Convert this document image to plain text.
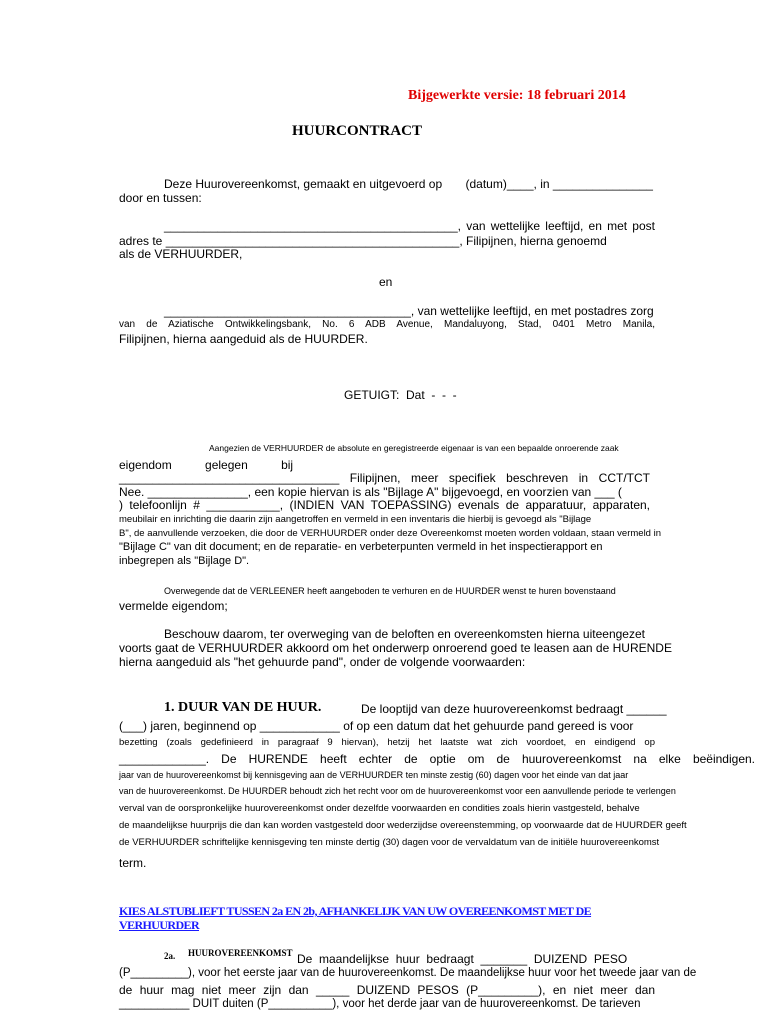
Bijgewerkte versie: 18 februari 2014
HUURCONTRACT
Deze Huurovereenkomst, gemaakt en uitgevoerd op       (datum)____, in _______________
door en tussen:
____________________________________________, van wettelijke leeftijd, en met post
adres te ____________________________________________, Filipijnen, hierna genoemd
als de VERHUURDER,
en
_____________________________________, van wettelijke leeftijd, en met postadres zorg
van de Aziatische Ontwikkelingsbank, No. 6 ADB Avenue, Mandaluyong, Stad, 0401 Metro Manila,
Filipijnen, hierna aangeduid als de HUURDER.
GETUIGT:  Dat  -  -  -
Aangezien de VERHUURDER de absolute en geregistreerde eigenaar is van een bepaalde onroerende zaak
eigendom          gelegen          bij
_________________________________ Filipijnen, meer specifiek beschreven in CCT/TCT
Nee. _______________, een kopie hiervan is als "Bijlage A" bijgevoegd, en voorzien van ___ (
) telefoonlijn # ___________, (INDIEN VAN TOEPASSING) evenals de apparatuur, apparaten,
meubilair en inrichting die daarin zijn aangetroffen en vermeld in een inventaris die hierbij is gevoegd als "Bijlage
B", de aanvullende verzoeken, die door de VERHUURDER onder deze Overeenkomst moeten worden voldaan, staan vermeld in
"Bijlage C" van dit document; en de reparatie- en verbeterpunten vermeld in het inspectierapport en
inbegrepen als "Bijlage D".
Overwegende dat de VERLEENER heeft aangeboden te verhuren en de HUURDER wenst te huren bovenstaand
vermelde eigendom;
Beschouw daarom, ter overweging van de beloften en overeenkomsten hierna uiteengezet
voorts gaat de VERHUURDER akkoord om het onderwerp onroerend goed te leasen aan de HURENDE
hierna aangeduid als "het gehuurde pand", onder de volgende voorwaarden:
1. DUUR VAN DE HUUR.	De looptijd van deze huurovereenkomst bedraagt ______
(___) jaren, beginnend op ____________ of op een datum dat het gehuurde pand gereed is voor
bezetting (zoals gedefinieerd in paragraaf 9 hiervan), hetzij het laatste wat zich voordoet, en eindigend op
_____________. De HURENDE heeft echter de optie om de huurovereenkomst na elke beëindigen.
jaar van de huurovereenkomst bij kennisgeving aan de VERHUURDER ten minste zestig (60) dagen voor het einde van dat jaar
van de huurovereenkomst. De HUURDER behoudt zich het recht voor om de huurovereenkomst voor een aanvullende periode te verlengen
verval van de oorspronkelijke huurovereenkomst onder dezelfde voorwaarden en condities zoals hierin vastgesteld, behalve
de maandelijkse huurprijs die dan kan worden vastgesteld door wederzijdse overeenstemming, op voorwaarde dat de HUURDER geeft
de VERHUURDER schriftelijke kennisgeving ten minste dertig (30) dagen voor de vervaldatum van de initiële huurovereenkomst
term.
KIES ALSTUBLIEFT TUSSEN 2a EN 2b, AFHANKELIJK VAN UW OVEREENKOMST MET DE
VERHUURDER
2a. HUUROVEREENKOMST De  maandelijkse  huur  bedraagt  _______  DUIZEND  PESO
(P_________), voor het eerste jaar van de huurovereenkomst. De maandelijkse huur voor het tweede jaar van de
de huur mag niet meer zijn dan _____ DUIZEND PESOS (P_________), en niet meer dan
___________ DUIT duiten (P__________), voor het derde jaar van de huurovereenkomst. De tarieven
